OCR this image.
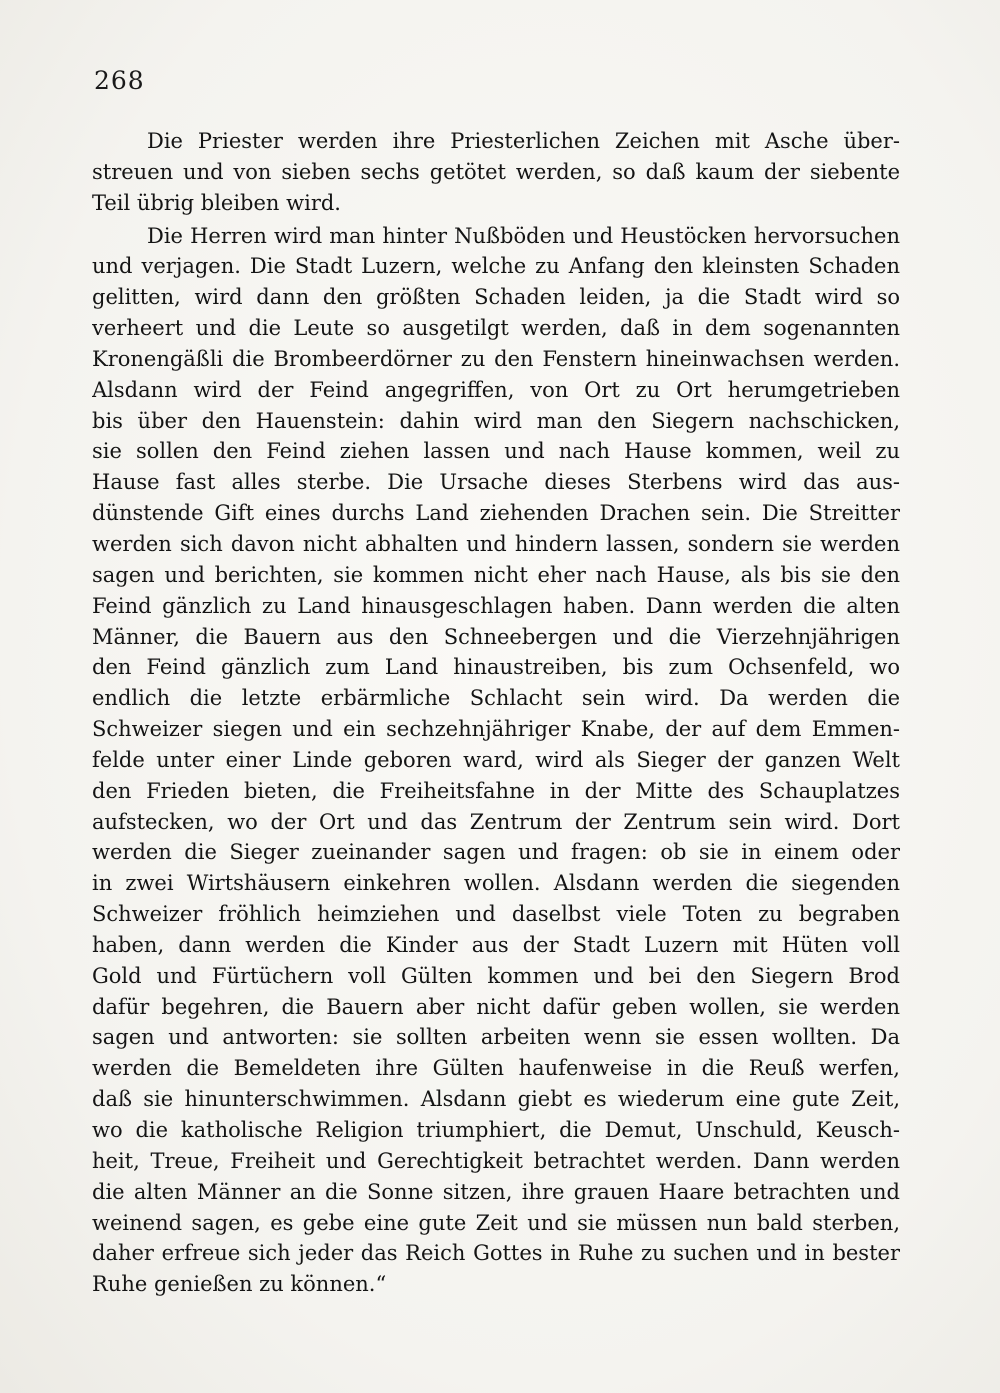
268
Die Priester werden ihre Priesterlichen Zeichen mit Asche über-
streuen und von sieben sechs getötet werden, so daß kaum der siebente
Teil übrig bleiben wird.
Die Herren wird man hinter Nußböden und Heustöcken hervorsuchen
und verjagen. Die Stadt Luzern, welche zu Anfang den kleinsten Schaden
gelitten, wird dann den größten Schaden leiden, ja die Stadt wird so
verheert und die Leute so ausgetilgt werden, daß in dem sogenannten
Kronengäßli die Brombeerdörner zu den Fenstern hineinwachsen werden.
Alsdann wird der Feind angegriffen, von Ort zu Ort herumgetrieben
bis über den Hauenstein: dahin wird man den Siegern nachschicken,
sie sollen den Feind ziehen lassen und nach Hause kommen, weil zu
Hause fast alles sterbe. Die Ursache dieses Sterbens wird das aus-
dünstende Gift eines durchs Land ziehenden Drachen sein. Die Streitter
werden sich davon nicht abhalten und hindern lassen, sondern sie werden
sagen und berichten, sie kommen nicht eher nach Hause, als bis sie den
Feind gänzlich zu Land hinausgeschlagen haben. Dann werden die alten
Männer, die Bauern aus den Schneebergen und die Vierzehnjährigen
den Feind gänzlich zum Land hinaustreiben, bis zum Ochsenfeld, wo
endlich die letzte erbärmliche Schlacht sein wird. Da werden die
Schweizer siegen und ein sechzehnjähriger Knabe, der auf dem Emmen-
felde unter einer Linde geboren ward, wird als Sieger der ganzen Welt
den Frieden bieten, die Freiheitsfahne in der Mitte des Schauplatzes
aufstecken, wo der Ort und das Zentrum der Zentrum sein wird. Dort
werden die Sieger zueinander sagen und fragen: ob sie in einem oder
in zwei Wirtshäusern einkehren wollen. Alsdann werden die siegenden
Schweizer fröhlich heimziehen und daselbst viele Toten zu begraben
haben, dann werden die Kinder aus der Stadt Luzern mit Hüten voll
Gold und Fürtüchern voll Gülten kommen und bei den Siegern Brod
dafür begehren, die Bauern aber nicht dafür geben wollen, sie werden
sagen und antworten: sie sollten arbeiten wenn sie essen wollten. Da
werden die Bemeldeten ihre Gülten haufenweise in die Reuß werfen,
daß sie hinunterschwimmen. Alsdann giebt es wiederum eine gute Zeit,
wo die katholische Religion triumphiert, die Demut, Unschuld, Keusch-
heit, Treue, Freiheit und Gerechtigkeit betrachtet werden. Dann werden
die alten Männer an die Sonne sitzen, ihre grauen Haare betrachten und
weinend sagen, es gebe eine gute Zeit und sie müssen nun bald sterben,
daher erfreue sich jeder das Reich Gottes in Ruhe zu suchen und in bester
Ruhe genießen zu können.“
